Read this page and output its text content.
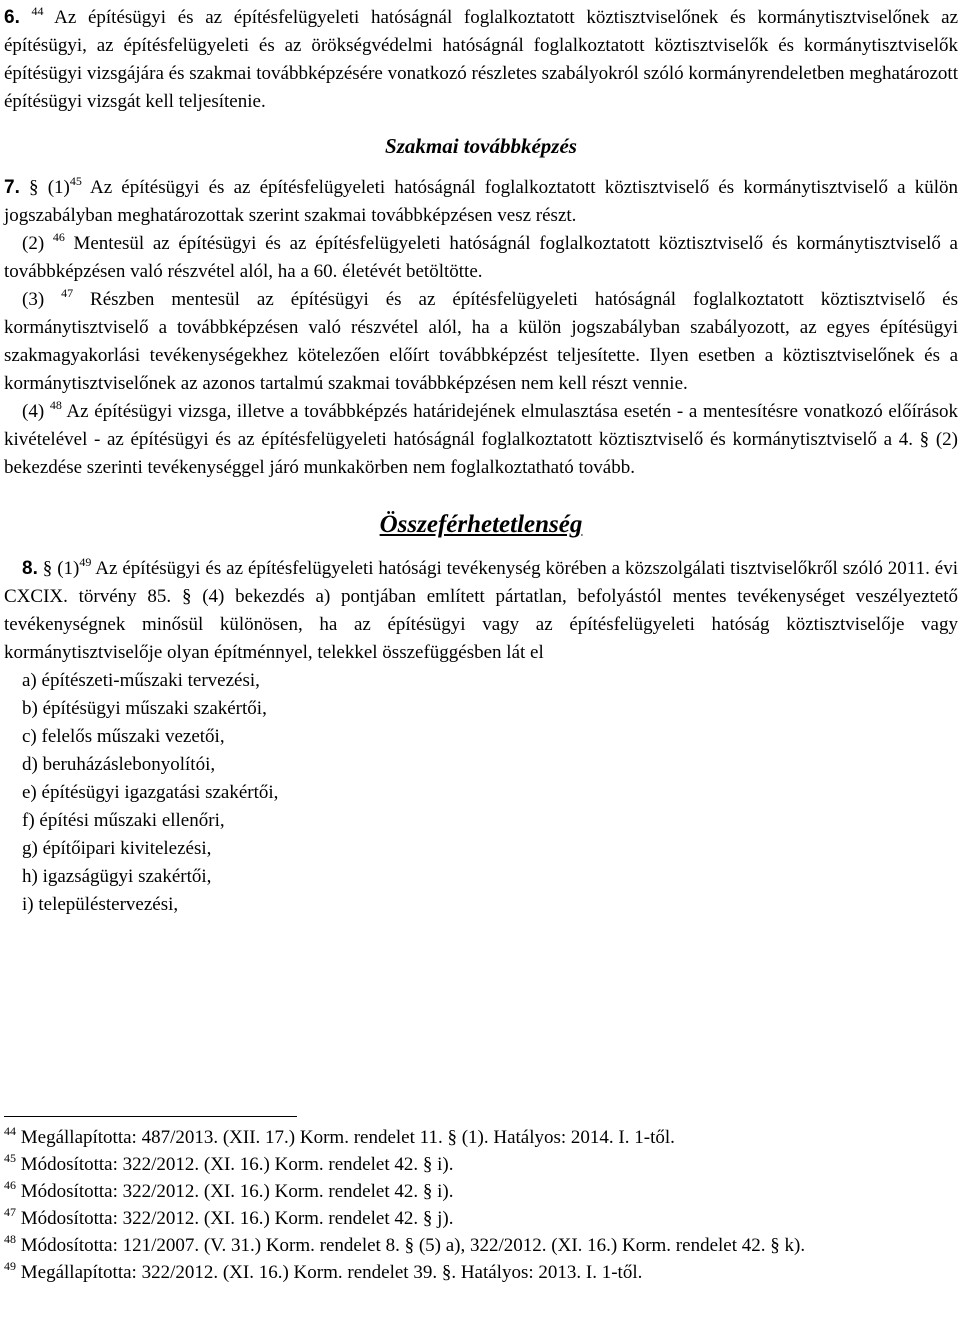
6. $^{44}$ Az építésügyi és az építésfelügyeleti hatóságnál foglalkoztatott köztisztviselőnek és kormánytisztviselőnek az építésügyi, az építésfelügyeleti és az örökségvédelmi hatóságnál foglalkoztatott köztisztviselők és kormánytisztviselők építésügyi vizsgájára és szakmai továbbképzésére vonatkozó részletes szabályokról szóló kormányrendeletben meghatározott építésügyi vizsgát kell teljesítenie.

Szakmai továbbképzés

7. § $(1)^{45}$ Az építésügyi és az építésfelügyeleti hatóságnál foglalkoztatott köztisztviselő és kormánytisztviselő a külön jogszabályban meghatározottak szerint szakmai továbbképzésen vesz részt.

(2) $^{46}$ Mentesül az építésügyi és az építésfelügyeleti hatóságnál foglalkoztatott köztisztviselő és kormánytisztviselő a továbbképzésen való részvétel alól, ha a 60. életévét betöltötte.

(3) $^{47}$ Részben mentesül az építésügyi és az építésfelügyeleti hatóságnál foglalkoztatott köztisztviselő és kormánytisztviselő a továbbképzésen való részvétel alól, ha a külön jogszabályban szabályozott, az egyes építésügyi szakmagyakorlási tevékenységekhez kötelezően előírt továbbképzést teljesítette. Ilyen esetben a köztisztviselőnek és a kormánytisztviselőnek az azonos tartalmú szakmai továbbképzésen nem kell részt vennie.

(4) $^{48}$ Az építésügyi vizsga, illetve a továbbképzés határidejének elmulasztása esetén - a mentesítésre vonatkozó előírások kivételével - az építésügyi és az építésfelügyeleti hatóságnál foglalkoztatott köztisztviselő és kormánytisztviselő a 4. § (2) bekezdése szerinti tevékenységgel járó munkakörben nem foglalkoztatható tovább.

Összeférhetetlenség

8. § $(1)^{49}$ Az építésügyi és az építésfelügyeleti hatósági tevékenység körében a közszolgálati tisztviselőkről szóló 2011. évi CXCIX. törvény 85. § (4) bekezdés a) pontjában említett pártatlan, befolyástól mentes tevékenységet veszélyeztető tevékenységnek minősül különösen, ha az építésügyi vagy az építésfelügyeleti hatóság köztisztviselője vagy kormánytisztviselője olyan építménnyel, telekkel összefüggésben lát el

a) építészeti-műszaki tervezési,
b) építésügyi műszaki szakértői,
c) felelős műszaki vezetői,
d) beruházáslebonyolítói,
e) építésügyi igazgatási szakértői,
f) építési műszaki ellenőri,
g) építőipari kivitelezési,
h) igazságügyi szakértői,
i) településtervezési,

$^{44}$ Megállapította: 487/2013. (XII. 17.) Korm. rendelet 11. § (1). Hatályos: 2014. I. 1-től.

$^{45}$ Módosította: 322/2012. (XI. 16.) Korm. rendelet 42. § i).

$^{46}$ Módosította: 322/2012. (XI. 16.) Korm. rendelet 42. § i).

$^{47}$ Módosította: 322/2012. (XI. 16.) Korm. rendelet 42. § j).

$^{48}$ Módosította: 121/2007. (V. 31.) Korm. rendelet 8. § (5) a), 322/2012. (XI. 16.) Korm. rendelet 42. § k).

$^{49}$ Megállapította: 322/2012. (XI. 16.) Korm. rendelet 39. §. Hatályos: 2013. I. 1-től.
